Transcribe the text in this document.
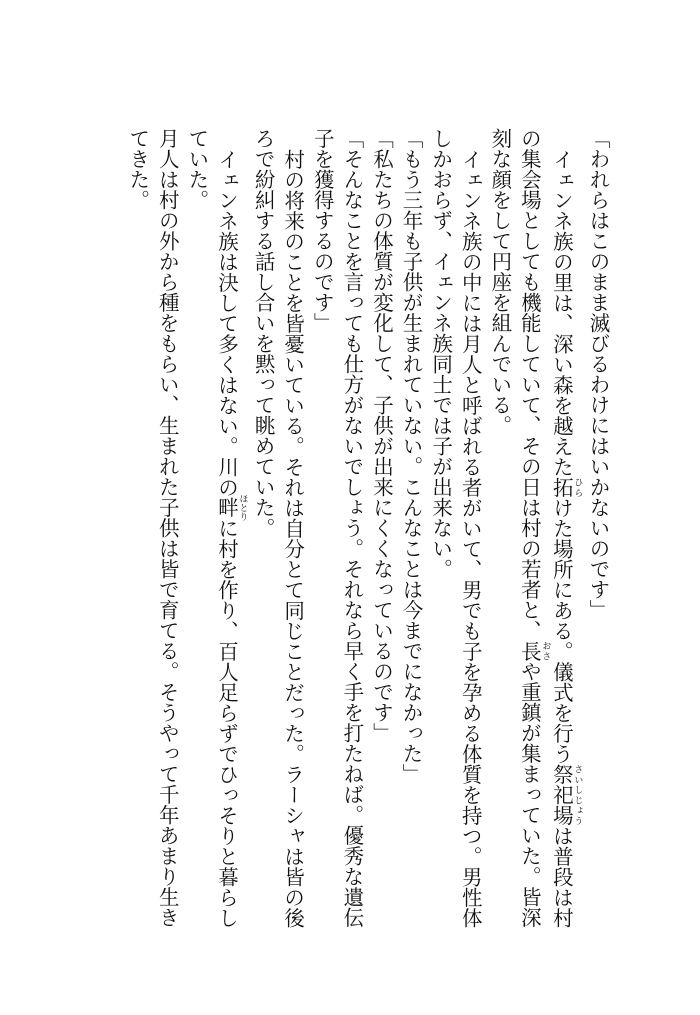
「われらはこのまま滅びるわけにはいかないのです」

イェンネ族の里は、深い森を越えた拓 ひらけた場所にある。儀式を行う祭祀場 さいしじょうは普段は村の集会場としても機能していて、その日は村の若者と、長 おさや重鎮が集まっていた。皆深刻な顔をして円座を組んでいる。

イェンネ族の中には月人と呼ばれる者がいて、男でも子を孕める体質を持つ。男性体しかおらず、イェンネ族同士では子が出来ない。

「もう三年も子供が生まれていない。こんなことは今までになかった」

「私たちの体質が変化して、子供が出来にくくなっているのです」

「そんなことを言っても仕方がないでしょう。それなら早く手を打たねば。優秀な遺伝子を獲得するのです」

村の将来のことを皆憂いている。それは自分とて同じことだった。ラーシャは皆の後ろで紛糾する話し合いを黙って眺めていた。

イェンネ族は決して多くはない。川の畔 ほとりに村を作り、百人足らずでひっそりと暮らしていた。

月人は村の外から種をもらい、生まれた子供は皆で育てる。そうやって千年あまり生きてきた。
